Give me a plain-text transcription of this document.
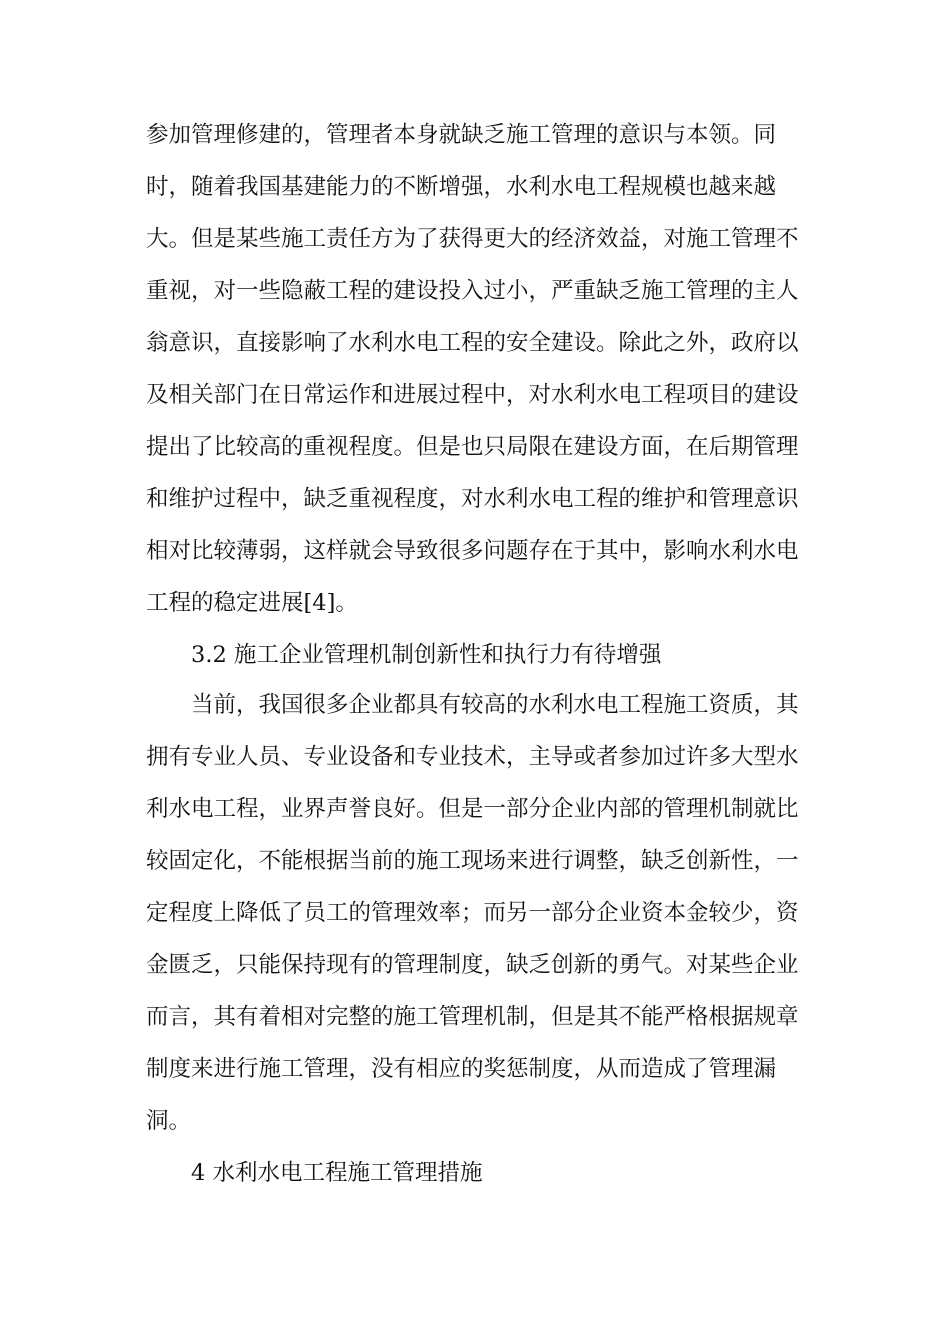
参加管理修建的，管理者本身就缺乏施工管理的意识与本领。同
时，随着我国基建能力的不断增强，水利水电工程规模也越来越
大。但是某些施工责任方为了获得更大的经济效益，对施工管理不
重视，对一些隐蔽工程的建设投入过小，严重缺乏施工管理的主人
翁意识，直接影响了水利水电工程的安全建设。除此之外，政府以
及相关部门在日常运作和进展过程中，对水利水电工程项目的建设
提出了比较高的重视程度。但是也只局限在建设方面，在后期管理
和维护过程中，缺乏重视程度，对水利水电工程的维护和管理意识
相对比较薄弱，这样就会导致很多问题存在于其中，影响水利水电
工程的稳定进展[4]。
3.2 施工企业管理机制创新性和执行力有待增强
当前，我国很多企业都具有较高的水利水电工程施工资质，其
拥有专业人员、专业设备和专业技术，主导或者参加过许多大型水
利水电工程，业界声誉良好。但是一部分企业内部的管理机制就比
较固定化，不能根据当前的施工现场来进行调整，缺乏创新性，一
定程度上降低了员工的管理效率；而另一部分企业资本金较少，资
金匮乏，只能保持现有的管理制度，缺乏创新的勇气。对某些企业
而言，其有着相对完整的施工管理机制，但是其不能严格根据规章
制度来进行施工管理，没有相应的奖惩制度，从而造成了管理漏
洞。
4 水利水电工程施工管理措施
